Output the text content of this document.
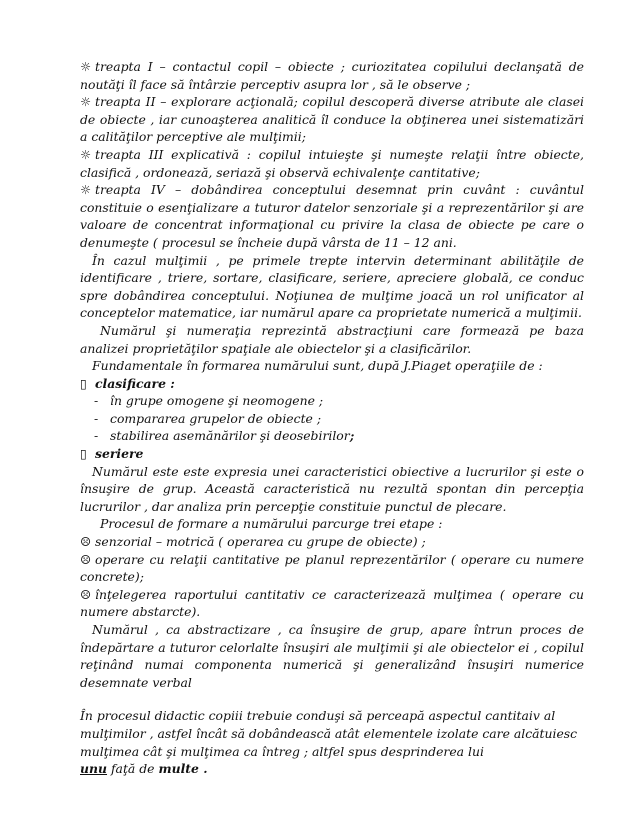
☼ treapta I – contactul copil – obiecte ; curiozitatea copilului declanşată de noutăţi îl face să întârzie perceptiv asupra lor , să le observe ;

☼ treapta II – explorare acţională; copilul descoperă diverse atribute ale clasei de obiecte , iar cunoaşterea analitică îl conduce la obţinerea unei sistematizări a calităţilor perceptive ale mulţimii;

☼ treapta III explicativă : copilul intuieşte şi numeşte relaţii între obiecte, clasifică , ordonează, seriază şi observă echivalenţe cantitative;

☼ treapta IV – dobândirea conceptului desemnat prin cuvânt : cuvântul constituie o esenţializare a tuturor datelor senzoriale şi a reprezentărilor şi are valoare de concentrat informaţional cu privire la clasa de obiecte pe care o denumeşte ( procesul se încheie după vârsta de 11 – 12 ani.

În cazul mulţimii , pe primele trepte intervin determinant abilităţile de identificare , triere, sortare, clasificare, seriere, apreciere globală, ce conduc spre dobândirea conceptului. Noţiunea de mulţime joacă un rol unificator al conceptelor matematice, iar numărul apare ca proprietate numerică a mulţimii.

Numărul şi numeraţia reprezintă abstracţiuni care formează pe baza analizei proprietăţilor spaţiale ale obiectelor şi a clasificărilor.

Fundamentale în formarea numărului sunt, după J.Piaget operaţiile de :

▯ clasificare :

- în grupe omogene şi neomogene ;
- compararea grupelor de obiecte ;
- stabilirea asemănărilor şi deosebirilor;

▯ seriere

Numărul este este expresia unei caracteristici obiective a lucrurilor şi este o însuşire de grup. Această caracteristică nu rezultă spontan din percepţia lucrurilor , dar analiza prin percepţie constituie punctul de plecare.

Procesul de formare a numărului parcurge trei etape :

☹ senzorial – motrică ( operarea cu grupe de obiecte) ;

☹ operare cu relaţii cantitative pe planul reprezentărilor ( operare cu numere concrete);

☹ înţelegerea raportului cantitativ ce caracterizează mulţimea ( operare cu numere abstarcte).

Numărul , ca abstractizare , ca însuşire de grup, apare întrun proces de îndepărtare a tuturor celorlalte însuşiri ale mulţimii şi ale obiectelor ei , copilul reţinând numai componenta numerică şi generalizând însuşiri numerice desemnate verbal

În procesul didactic copiii trebuie conduşi să perceapă aspectul cantitaiv al mulţimilor , astfel încât să dobândească atât elementele izolate care alcătuiesc mulţimea cât şi mulţimea ca întreg ; altfel spus desprinderea lui
unu faţă de multe .
